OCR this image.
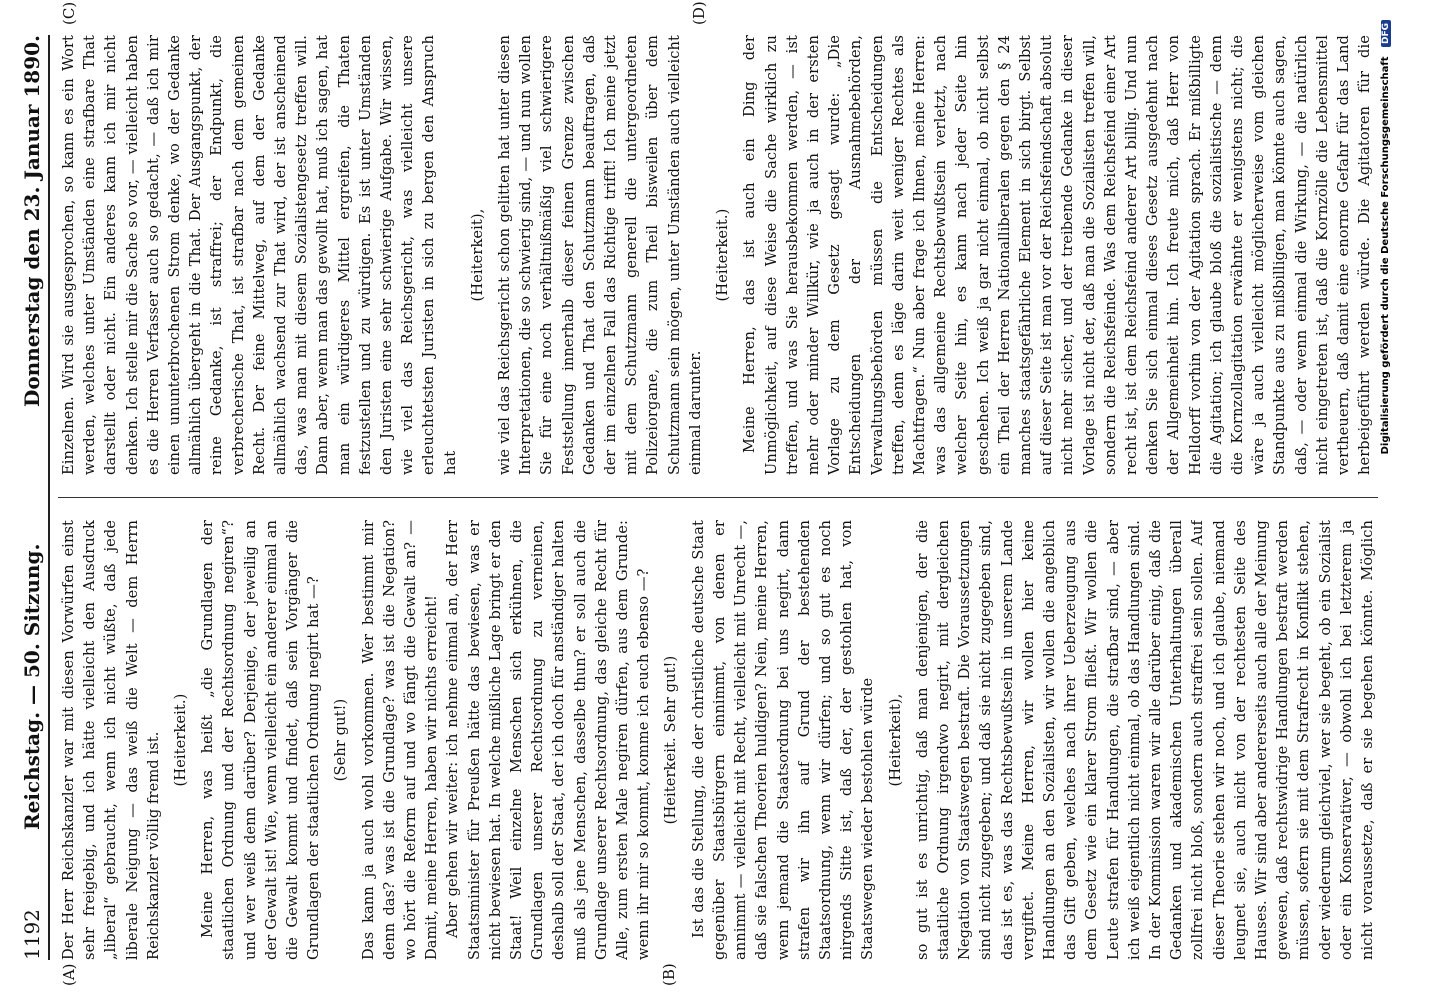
1192
Reichstag. — 50. Sitzung.
Donnerstag den 23. Januar 1890.
(A)	(B)
(C)	(D)

Der Herr Reichskanzler war mit diesen Vorwürfen einst sehr freigebig, und ich hätte vielleicht den Ausdruck „liberal“ gebraucht, wenn ich nicht wüßte, daß jede liberale Neigung — das weiß die Welt — dem Herrn Reichskanzler völlig fremd ist. (Heiterkeit.) Meine Herren, was heißt „die Grundlagen der staatlichen Ordnung und der Rechtsordnung negiren“? und wer weiß denn darüber? Derjenige, der jeweilig an der Gewalt ist! Wie, wenn vielleicht ein anderer einmal an die Gewalt kommt und findet, daß sein Vorgänger die Grundlagen der staatlichen Ordnung negirt hat —? (Sehr gut!) Das kann ja auch wohl vorkommen. Wer bestimmt mir denn das? was ist die Grundlage? was ist die Negation? wo hört die Reform auf und wo fängt die Gewalt an? — Damit, meine Herren, haben wir nichts erreicht! Aber gehen wir weiter: ich nehme einmal an, der Herr Staatsminister für Preußen hätte das bewiesen, was er nicht bewiesen hat. In welche mißliche Lage bringt er den Staat! Weil einzelne Menschen sich erkühnen, die Grundlagen unserer Rechtsordnung zu verneinen, deshalb soll der Staat, der ich doch für anständiger halten muß als jene Menschen, dasselbe thun? er soll auch die Grundlage unserer Rechtsordnung, das gleiche Recht für Alle, zum ersten Male negiren dürfen, aus dem Grunde: wenn ihr mir so kommt, komme ich euch ebenso —? (Heiterkeit. Sehr gut!) Ist das die Stellung, die der christliche deutsche Staat gegenüber Staatsbürgern einnimmt, von denen er annimmt — vielleicht mit Recht, vielleicht mit Unrecht —, daß sie falschen Theorien huldigen? Nein, meine Herren, wenn jemand die Staatsordnung bei uns negirt, dann strafen wir ihn auf Grund der bestehenden Staatsordnung, wenn wir dürfen; und so gut es noch nirgends Sitte ist, daß der, der gestohlen hat, von Staatswegen wieder bestohlen würde (Heiterkeit),

so gut ist es unrichtig, daß man denjenigen, der die staatliche Ordnung irgendwo negirt, mit dergleichen Negation von Staatswegen bestraft. Die Voraussetzungen sind nicht zugegeben; und daß sie nicht zugegeben sind, das ist es, was das Rechtsbewußtsein in unserem Lande vergiftet. Meine Herren, wir wollen hier keine Handlungen an den Sozialisten, wir wollen die angeblich das Gift geben, welches nach ihrer Ueberzeugung aus dem Gesetz wie ein klarer Strom fließt. Wir wollen die Leute strafen für Handlungen, die strafbar sind, — aber ich weiß eigentlich nicht einmal, ob das Handlungen sind. In der Kommission waren wir alle darüber einig, daß die Gedanken und akademischen Unterhaltungen überall zollfrei nicht bloß, sondern auch straffrei sein sollen. Auf dieser Theorie stehen wir noch, und ich glaube, niemand leugnet sie, auch nicht von der rechtesten Seite des Hauses. Wir sind aber andererseits auch alle der Meinung gewesen, daß rechtswidrige Handlungen bestraft werden müssen, sofern sie mit dem Strafrecht in Konflikt stehen, oder wiederum gleichviel, wer sie begeht, ob ein Sozialist oder ein Konservativer, — obwohl ich bei letzterem ja nicht voraussetze, daß er sie begehen könnte. Möglich

Einzelnen. Wird sie ausgesprochen, so kann es ein Wort werden, welches unter Umständen eine strafbare That darstellt oder nicht. Ein anderes kann ich mir nicht denken. Ich stelle mir die Sache so vor, — vielleicht haben es die Herren Verfasser auch so gedacht, — daß ich mir einen ununterbrochenen Strom denke, wo der Gedanke allmählich übergeht in die That. Der Ausgangspunkt, der reine Gedanke, ist straffrei; der Endpunkt, die verbrecherische That, ist strafbar nach dem gemeinen Recht. Der feine Mittelweg, auf dem der Gedanke allmählich wachsend zur That wird, der ist anscheinend das, was man mit diesem Sozialistengesetz treffen will. Dann aber, wenn man das gewollt hat, muß ich sagen, hat man ein würdigeres Mittel ergreifen, die Thaten festzustellen und zu würdigen. Es ist unter Umständen den Juristen eine sehr schwierige Aufgabe. Wir wissen, wie viel das Reichsgericht, was vielleicht unsere erleuchtetsten Juristen in sich zu bergen den Anspruch hat

(Heiterkeit), wie viel das Reichsgericht schon gelitten hat unter diesen Interpretationen, die so schwierig sind, — und nun wollen Sie für eine noch verhältnißmäßig viel schwierigere Feststellung innerhalb dieser feinen Grenze zwischen Gedanken und That den Schutzmann beauftragen, daß der im einzelnen Fall das Richtige trifft! Ich meine jetzt mit dem Schutzmann generell die untergeordneten Polizeiorgane, die zum Theil bisweilen über dem Schutzmann sein mögen, unter Umständen auch vielleicht einmal darunter.

(Heiterkeit.)

Meine Herren, das ist auch ein Ding der Unmöglichkeit, auf diese Weise die Sache wirklich zu treffen, und was Sie herausbekommen werden, — ist mehr oder minder Willkür, wie ja auch in der ersten Vorlage zu dem Gesetz gesagt wurde: „Die Entscheidungen der Ausnahmebehörden, Verwaltungsbehörden müssen die Entscheidungen treffen, denn es läge darin weit weniger Rechtes als Machtfragen.“ Nun aber frage ich Ihnen, meine Herren: was das allgemeine Rechtsbewußtsein verletzt, nach welcher Seite hin, es kann nach jeder Seite hin geschehen. Ich weiß ja gar nicht einmal, ob nicht selbst ein Theil der Herren Nationalliberalen gegen den § 24 manches staatsgefährliche Element in sich birgt. Selbst auf dieser Seite ist man vor der Reichsfeindschaft absolut nicht mehr sicher, und der treibende Gedanke in dieser Vorlage ist nicht der, daß man die Sozialisten treffen will, sondern die Reichsfeinde. Was dem Reichsfeind einer Art recht ist, ist dem Reichsfeind anderer Art billig. Und nun denken Sie sich einmal dieses Gesetz ausgedehnt nach der Allgemeinheit hin. Ich freute mich, daß Herr von Helldorff vorhin von der Agitation sprach. Er mißbilligte die Agitation; ich glaube bloß die sozialistische — denn die Kornzollagitation erwähnte er wenigstens nicht; die wäre ja auch vielleicht möglicherweise vom gleichen Standpunkte aus zu mißbilligen, man könnte auch sagen, daß, — oder wenn einmal die Wirkung, — die natürlich nicht eingetreten ist, daß die Kornzölle die Lebensmittel vertheuern, daß damit eine enorme Gefahr für das Land herbeigeführt werden würde. Die Agitatoren für die

Digitalisierung gefördert durch die Deutsche Forschungsgemeinschaft DFG
